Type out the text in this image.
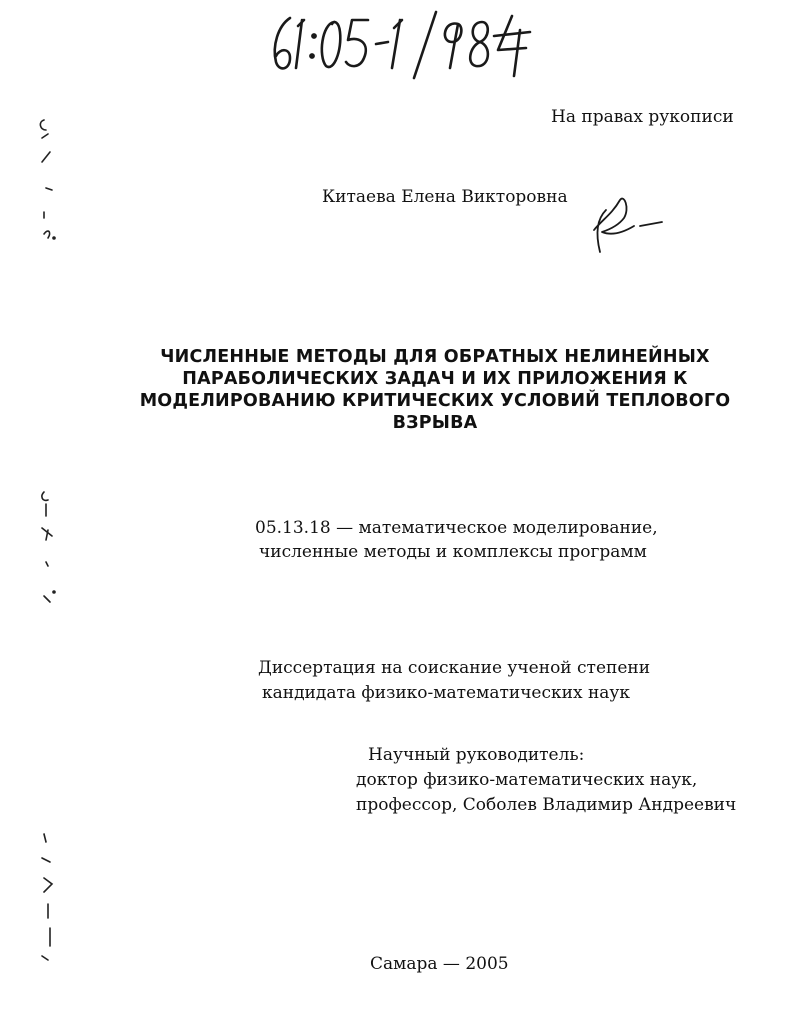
На правах рукописи
Китаева Елена Викторовна
ЧИСЛЕННЫЕ МЕТОДЫ ДЛЯ ОБРАТНЫХ НЕЛИНЕЙНЫХ
ПАРАБОЛИЧЕСКИХ ЗАДАЧ И ИХ ПРИЛОЖЕНИЯ К
МОДЕЛИРОВАНИЮ КРИТИЧЕСКИХ УСЛОВИЙ ТЕПЛОВОГО
ВЗРЫВА
05.13.18 — математическое моделирование,
численные методы и комплексы программ
Диссертация на соискание ученой степени
кандидата физико-математических наук
Научный руководитель:
доктор физико-математических наук,
профессор, Соболев Владимир Андреевич
Самара — 2005
